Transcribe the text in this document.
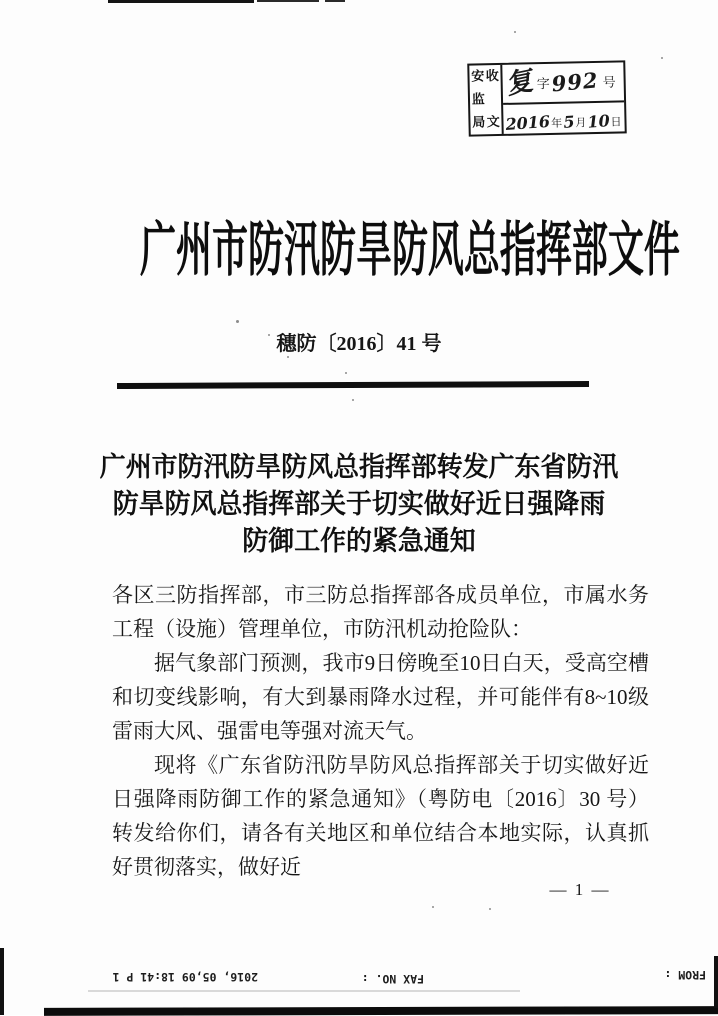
安
监
局
收
文
复 字 992 号
2016 年 5 月 10 日
广州市防汛防旱防风总指挥部文件
穗防〔2016〕41 号
广州市防汛防旱防风总指挥部转发广东省防汛
防旱防风总指挥部关于切实做好近日强降雨
防御工作的紧急通知

各区三防指挥部，市三防总指挥部各成员单位，市属水务工程（设施）管理单位，市防汛机动抢险队：

据气象部门预测，我市9日傍晚至10日白天，受高空槽和切变线影响，有大到暴雨降水过程，并可能伴有8~10级雷雨大风、强雷电等强对流天气。

现将《广东省防汛防旱防风总指挥部关于切实做好近日强降雨防御工作的紧急通知》（粤防电〔2016〕30 号）转发给你们，请各有关地区和单位结合本地实际，认真抓好贯彻落实，做好近

— 1 —
2016, 05,09 18:41 P 1	FAX NO. :	FROM :
